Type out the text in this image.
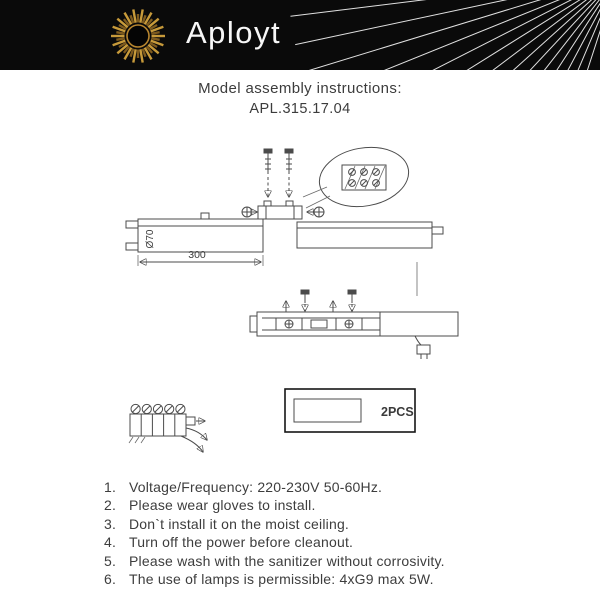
Aployt
Model assembly instructions:
APL.315.17.04
Ø70
300
2PCS
1. Voltage/Frequency: 220-230V 50-60Hz.
2. Please wear gloves to install.
3. Don`t install it on the moist ceiling.
4. Turn off the power before cleanout.
5. Please wash with the sanitizer without corrosivity.
6. The use of lamps is permissible: 4xG9 max 5W.
